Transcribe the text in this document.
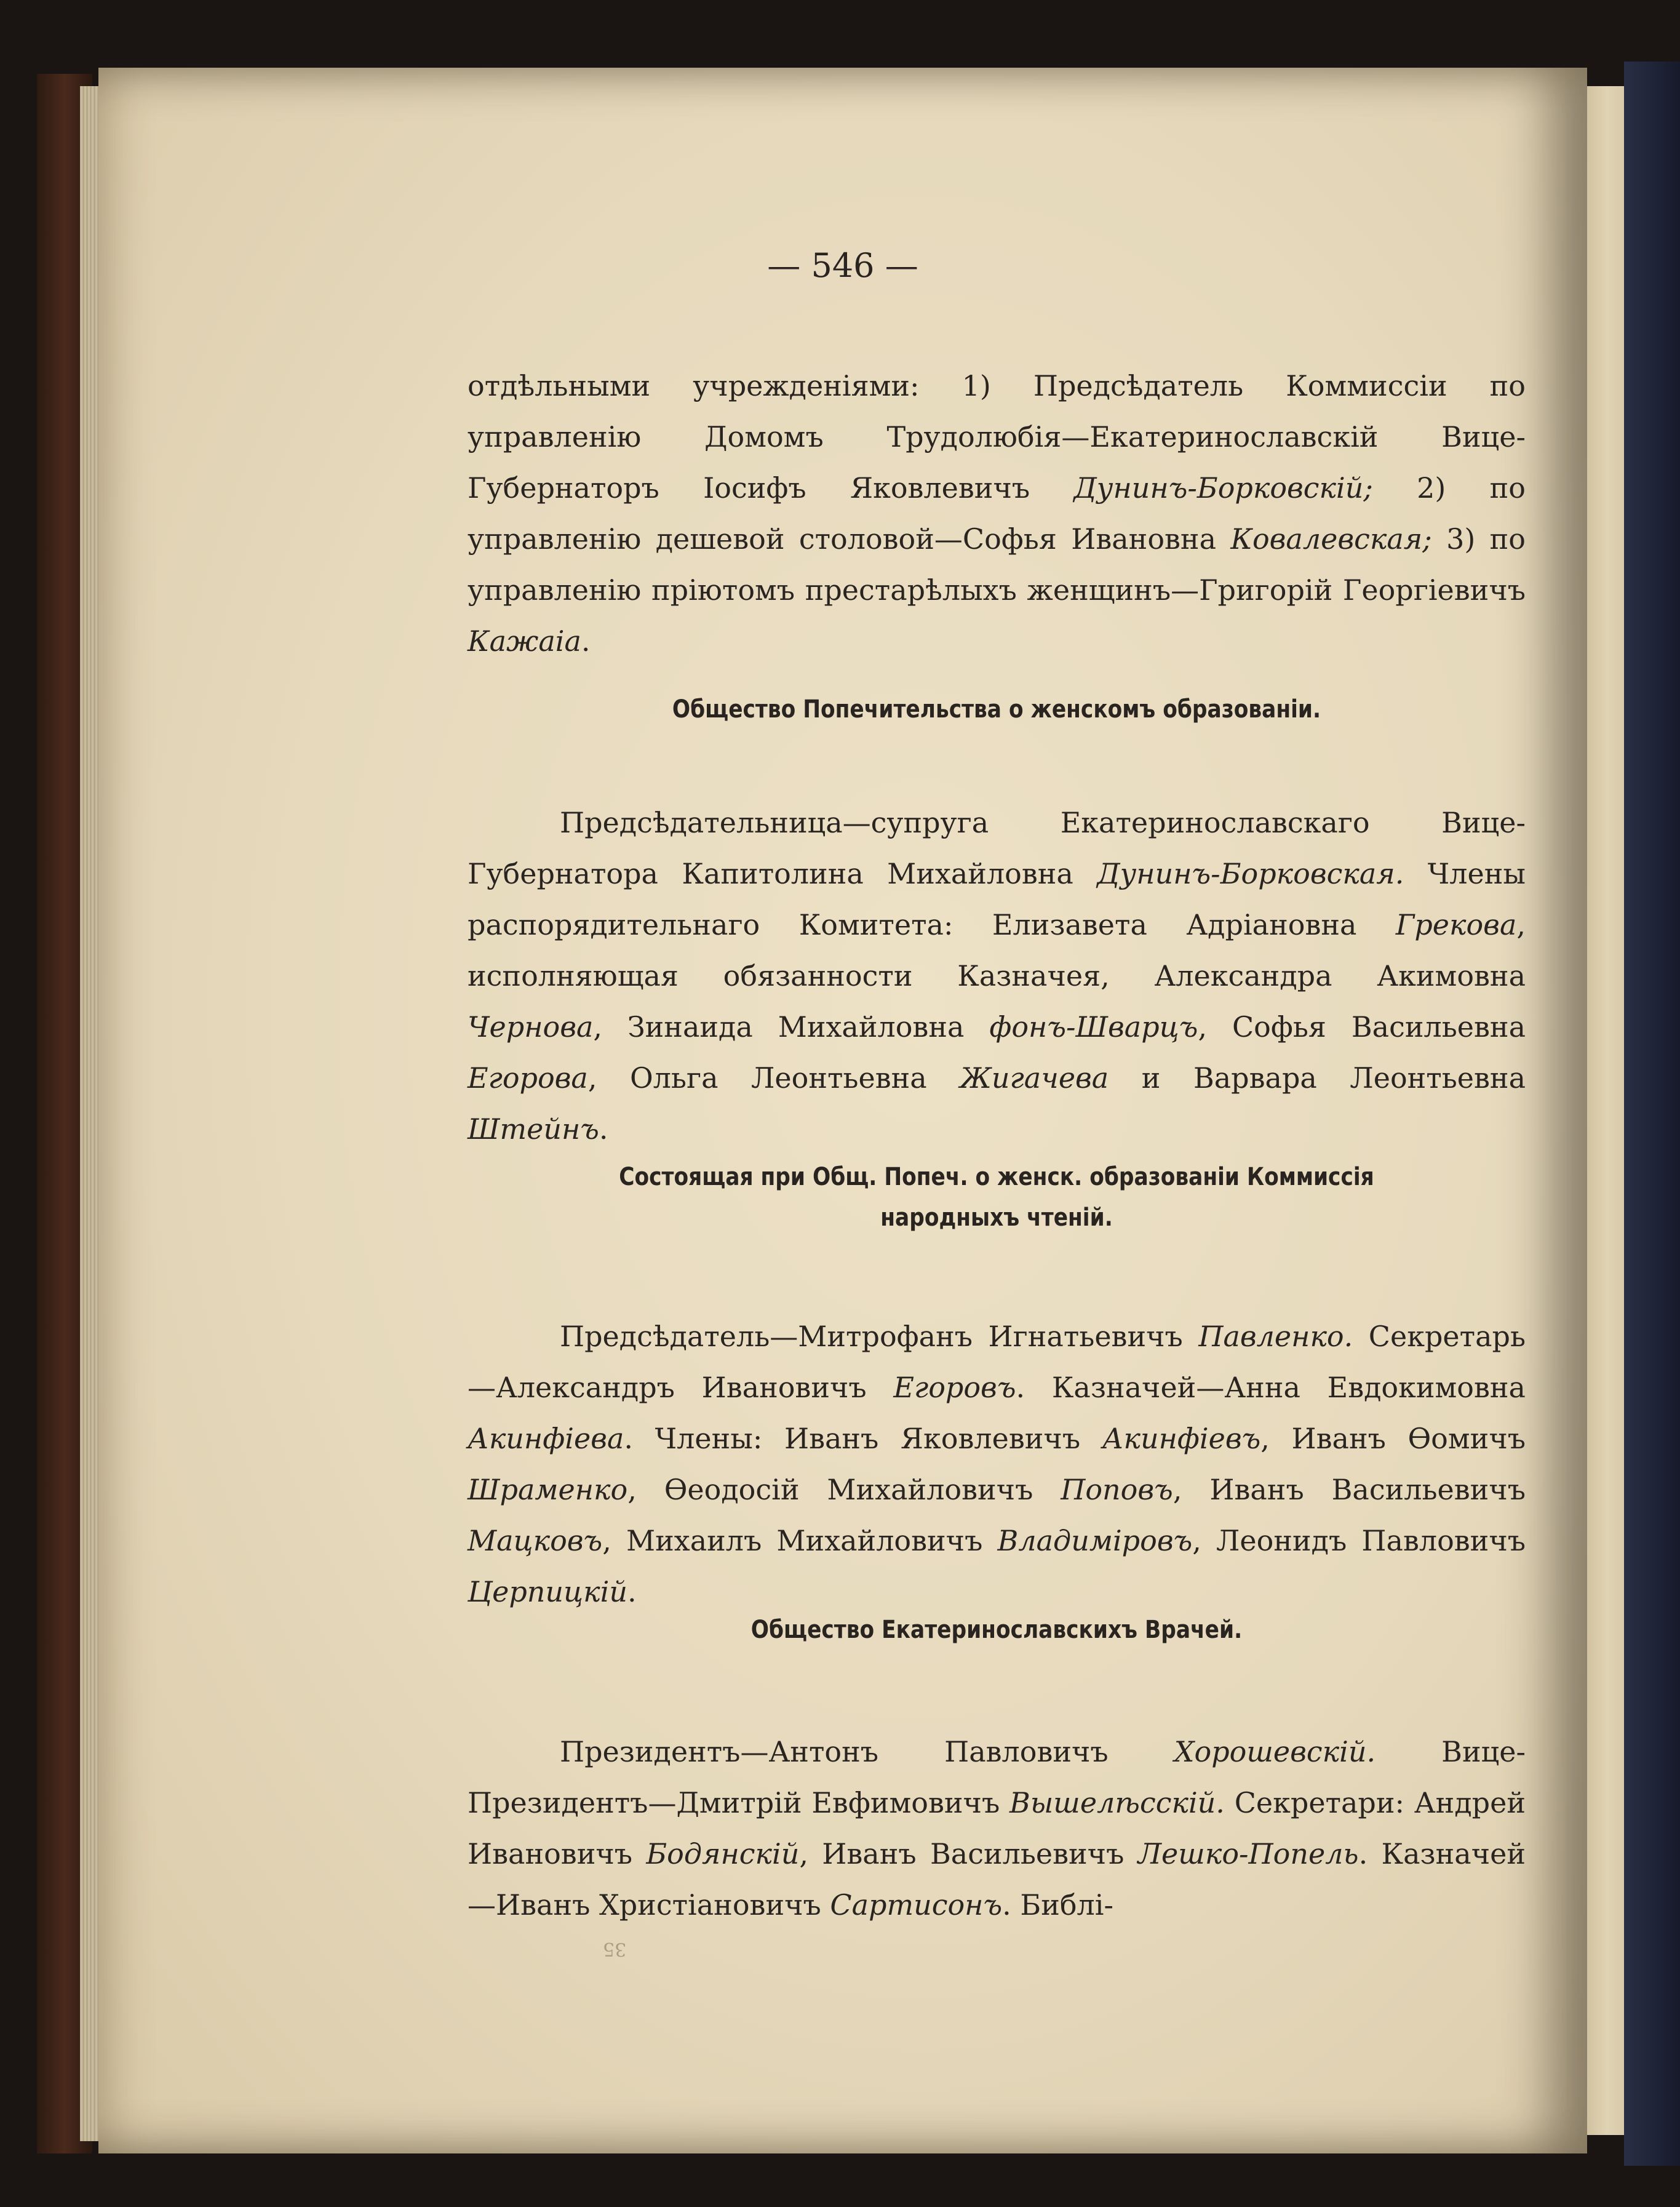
— 546 —

отдѣльными учрежденіями: 1) Предсѣдатель Коммиссіи по управленію Домомъ Трудолюбія—Екатеринославскій Вице-Губернаторъ Іосифъ Яковлевичъ Дунинъ-Борковскій; 2) по управленію дешевой столовой—Софья Ивановна Ковалевская; 3) по управленію пріютомъ престарѣлыхъ женщинъ—Григорій Георгіевичъ Кажаіа.

Общество Попечительства о женскомъ образованіи.

Предсѣдательница—супруга Екатеринославскаго Вице-Губернатора Капитолина Михайловна Дунинъ-Борковская. Члены распорядительнаго Комитета: Елизавета Адріановна Грекова, исполняющая обязанности Казначея, Александра Акимовна Чернова, Зинаида Михайловна фонъ-Шварцъ, Софья Васильевна Егорова, Ольга Леонтьевна Жигачева и Варвара Леонтьевна Штейнъ.

Состоящая при Общ. Попеч. о женск. образованіи Коммиссія
народныхъ чтеній.

Предсѣдатель—Митрофанъ Игнатьевичъ Павленко. Секретарь—Александръ Ивановичъ Егоровъ. Казначей—Анна Евдокимовна Акинфіева. Члены: Иванъ Яковлевичъ Акинфіевъ, Иванъ Ѳомичъ Шраменко, Ѳеодосій Михайловичъ Поповъ, Иванъ Васильевичъ Мацковъ, Михаилъ Михайловичъ Владиміровъ, Леонидъ Павловичъ Церпицкій.

Общество Екатеринославскихъ Врачей.

Президентъ—Антонъ Павловичъ Хорошевскій. Вице-Президентъ—Дмитрій Евфимовичъ Вышелѣсскій. Секретари: Андрей Ивановичъ Бодянскій, Иванъ Васильевичъ Лешко-Попель. Казначей—Иванъ Христіановичъ Сартисонъ. Библі-

35
